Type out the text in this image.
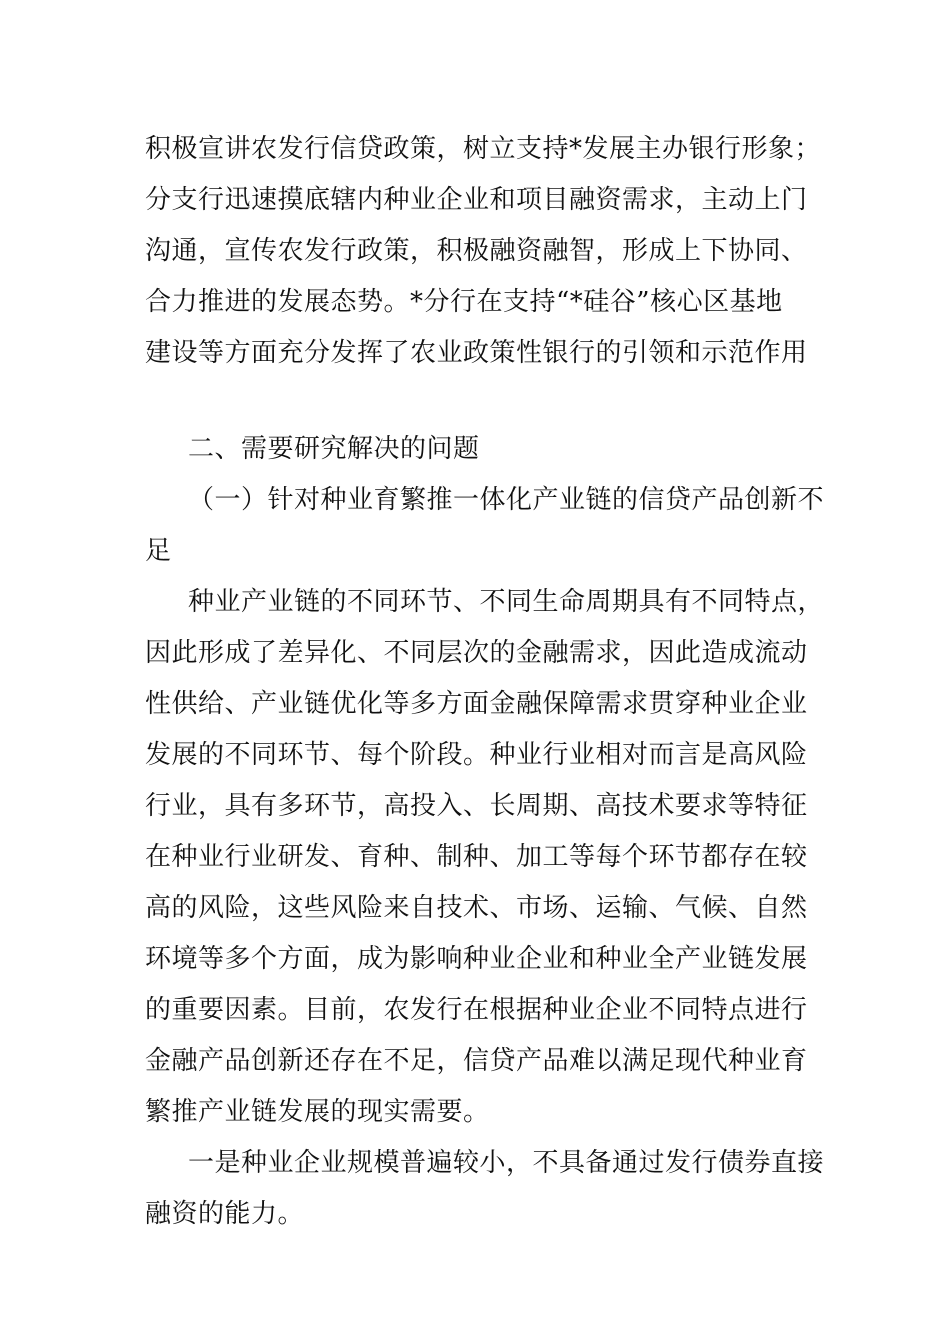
积极宣讲农发行信贷政策，树立支持*发展主办银行形象；
分支行迅速摸底辖内种业企业和项目融资需求，主动上门
沟通，宣传农发行政策，积极融资融智，形成上下协同、
合力推进的发展态势。*分行在支持“*硅谷”核心区基地
建设等方面充分发挥了农业政策性银行的引领和示范作用
二、需要研究解决的问题
（一）针对种业育繁推一体化产业链的信贷产品创新不
足
种业产业链的不同环节、不同生命周期具有不同特点，
因此形成了差异化、不同层次的金融需求，因此造成流动
性供给、产业链优化等多方面金融保障需求贯穿种业企业
发展的不同环节、每个阶段。种业行业相对而言是高风险
行业，具有多环节，高投入、长周期、高技术要求等特征
在种业行业研发、育种、制种、加工等每个环节都存在较
高的风险，这些风险来自技术、市场、运输、气候、自然
环境等多个方面，成为影响种业企业和种业全产业链发展
的重要因素。目前，农发行在根据种业企业不同特点进行
金融产品创新还存在不足，信贷产品难以满足现代种业育
繁推产业链发展的现实需要。
一是种业企业规模普遍较小，不具备通过发行债券直接
融资的能力。
